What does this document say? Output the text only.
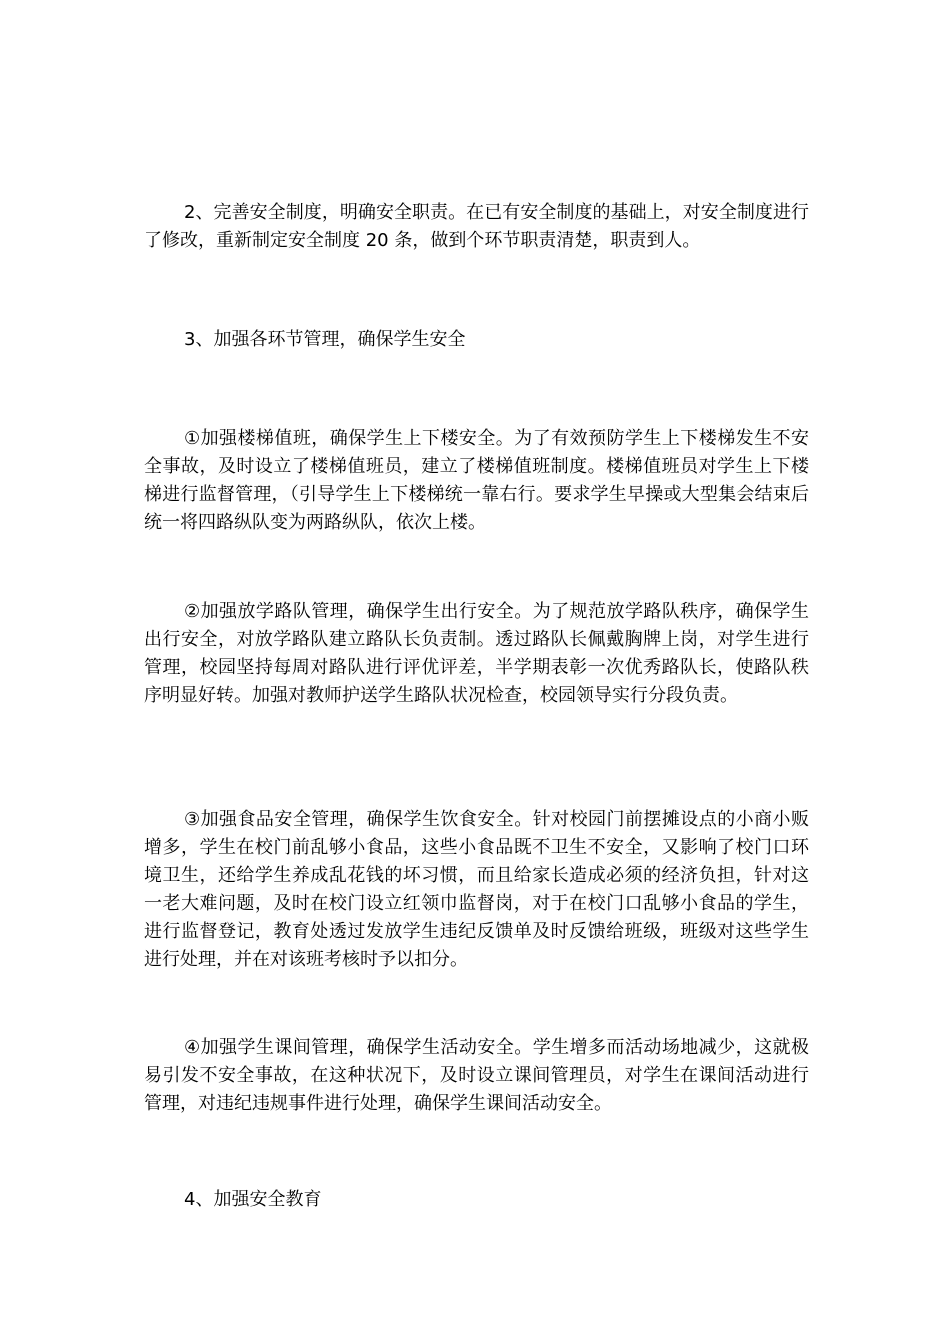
2、完善安全制度，明确安全职责。在已有安全制度的基础上，对安全制度进行了修改，重新制定安全制度 20 条，做到个环节职责清楚，职责到人。

3、加强各环节管理，确保学生安全

①加强楼梯值班，确保学生上下楼安全。为了有效预防学生上下楼梯发生不安全事故，及时设立了楼梯值班员，建立了楼梯值班制度。楼梯值班员对学生上下楼梯进行监督管理，（引导学生上下楼梯统一靠右行。要求学生早操或大型集会结束后统一将四路纵队变为两路纵队，依次上楼。

②加强放学路队管理，确保学生出行安全。为了规范放学路队秩序，确保学生出行安全，对放学路队建立路队长负责制。透过路队长佩戴胸牌上岗，对学生进行管理，校园坚持每周对路队进行评优评差，半学期表彰一次优秀路队长，使路队秩序明显好转。加强对教师护送学生路队状况检查，校园领导实行分段负责。

③加强食品安全管理，确保学生饮食安全。针对校园门前摆摊设点的小商小贩增多，学生在校门前乱够小食品，这些小食品既不卫生不安全，又影响了校门口环境卫生，还给学生养成乱花钱的坏习惯，而且给家长造成必须的经济负担，针对这一老大难问题，及时在校门设立红领巾监督岗，对于在校门口乱够小食品的学生，进行监督登记，教育处透过发放学生违纪反馈单及时反馈给班级，班级对这些学生进行处理，并在对该班考核时予以扣分。

④加强学生课间管理，确保学生活动安全。学生增多而活动场地减少，这就极易引发不安全事故，在这种状况下，及时设立课间管理员，对学生在课间活动进行管理，对违纪违规事件进行处理，确保学生课间活动安全。

4、加强安全教育
